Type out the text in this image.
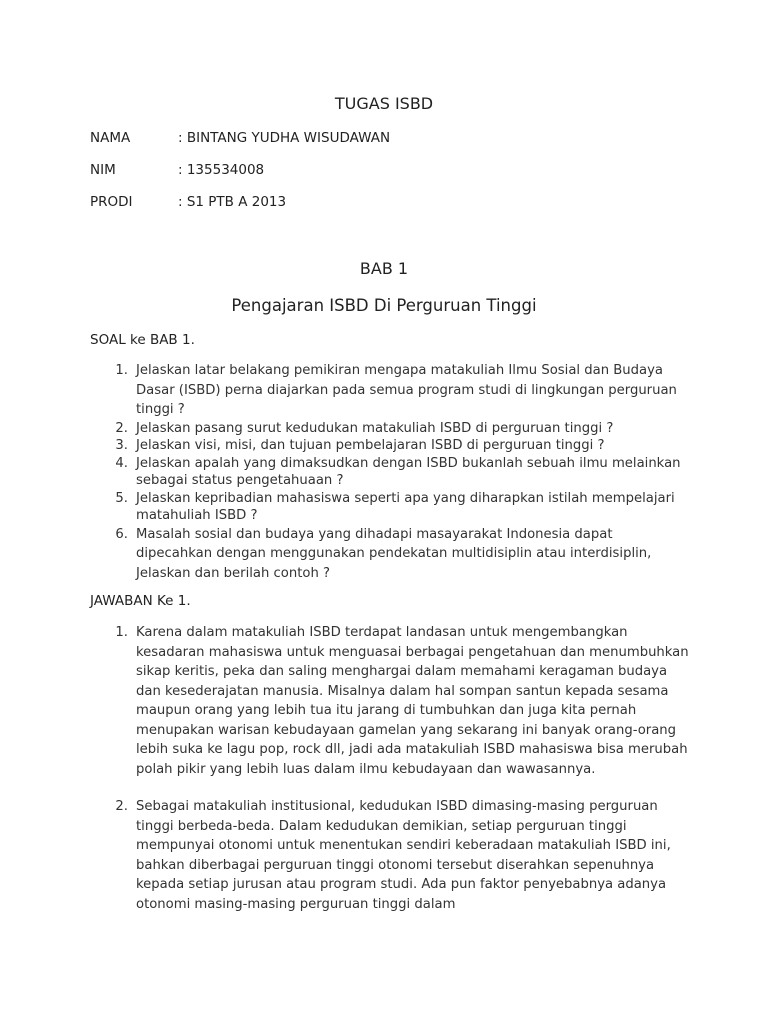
TUGAS ISBD
NAMA	: BINTANG YUDHA WISUDAWAN
NIM	: 135534008
PRODI	: S1 PTB A 2013
BAB 1
Pengajaran ISBD Di Perguruan Tinggi
SOAL ke BAB 1.
1. Jelaskan latar belakang pemikiran mengapa matakuliah Ilmu Sosial dan Budaya Dasar (ISBD) perna diajarkan pada semua program studi di lingkungan perguruan tinggi ?
2. Jelaskan pasang surut kedudukan matakuliah ISBD di perguruan tinggi ?
3. Jelaskan visi, misi, dan tujuan pembelajaran ISBD di perguruan tinggi ?
4. Jelaskan apalah yang dimaksudkan dengan ISBD bukanlah sebuah ilmu melainkan sebagai status pengetahuaan ?
5. Jelaskan kepribadian mahasiswa seperti apa yang diharapkan istilah mempelajari matahuliah ISBD ?
6. Masalah sosial dan budaya yang dihadapi masayarakat Indonesia dapat dipecahkan dengan menggunakan pendekatan multidisiplin atau interdisiplin, Jelaskan dan berilah contoh ?
JAWABAN Ke 1.
1. Karena dalam matakuliah ISBD terdapat landasan untuk mengembangkan kesadaran mahasiswa untuk menguasai berbagai pengetahuan dan menumbuhkan sikap keritis, peka dan saling menghargai dalam memahami keragaman budaya dan kesederajatan manusia. Misalnya dalam hal sompan santun kepada sesama maupun orang yang lebih tua itu jarang di tumbuhkan dan juga kita pernah menupakan warisan kebudayaan gamelan yang sekarang ini banyak orang-orang lebih suka ke lagu pop, rock dll, jadi ada matakuliah ISBD mahasiswa bisa merubah polah pikir yang lebih luas dalam ilmu kebudayaan dan wawasannya.
2. Sebagai matakuliah institusional, kedudukan ISBD dimasing-masing perguruan tinggi berbeda-beda. Dalam kedudukan demikian, setiap perguruan tinggi mempunyai otonomi untuk menentukan sendiri keberadaan matakuliah ISBD ini, bahkan diberbagai perguruan tinggi otonomi tersebut diserahkan sepenuhnya kepada setiap jurusan atau program studi. Ada pun faktor penyebabnya adanya otonomi masing-masing perguruan tinggi dalam
